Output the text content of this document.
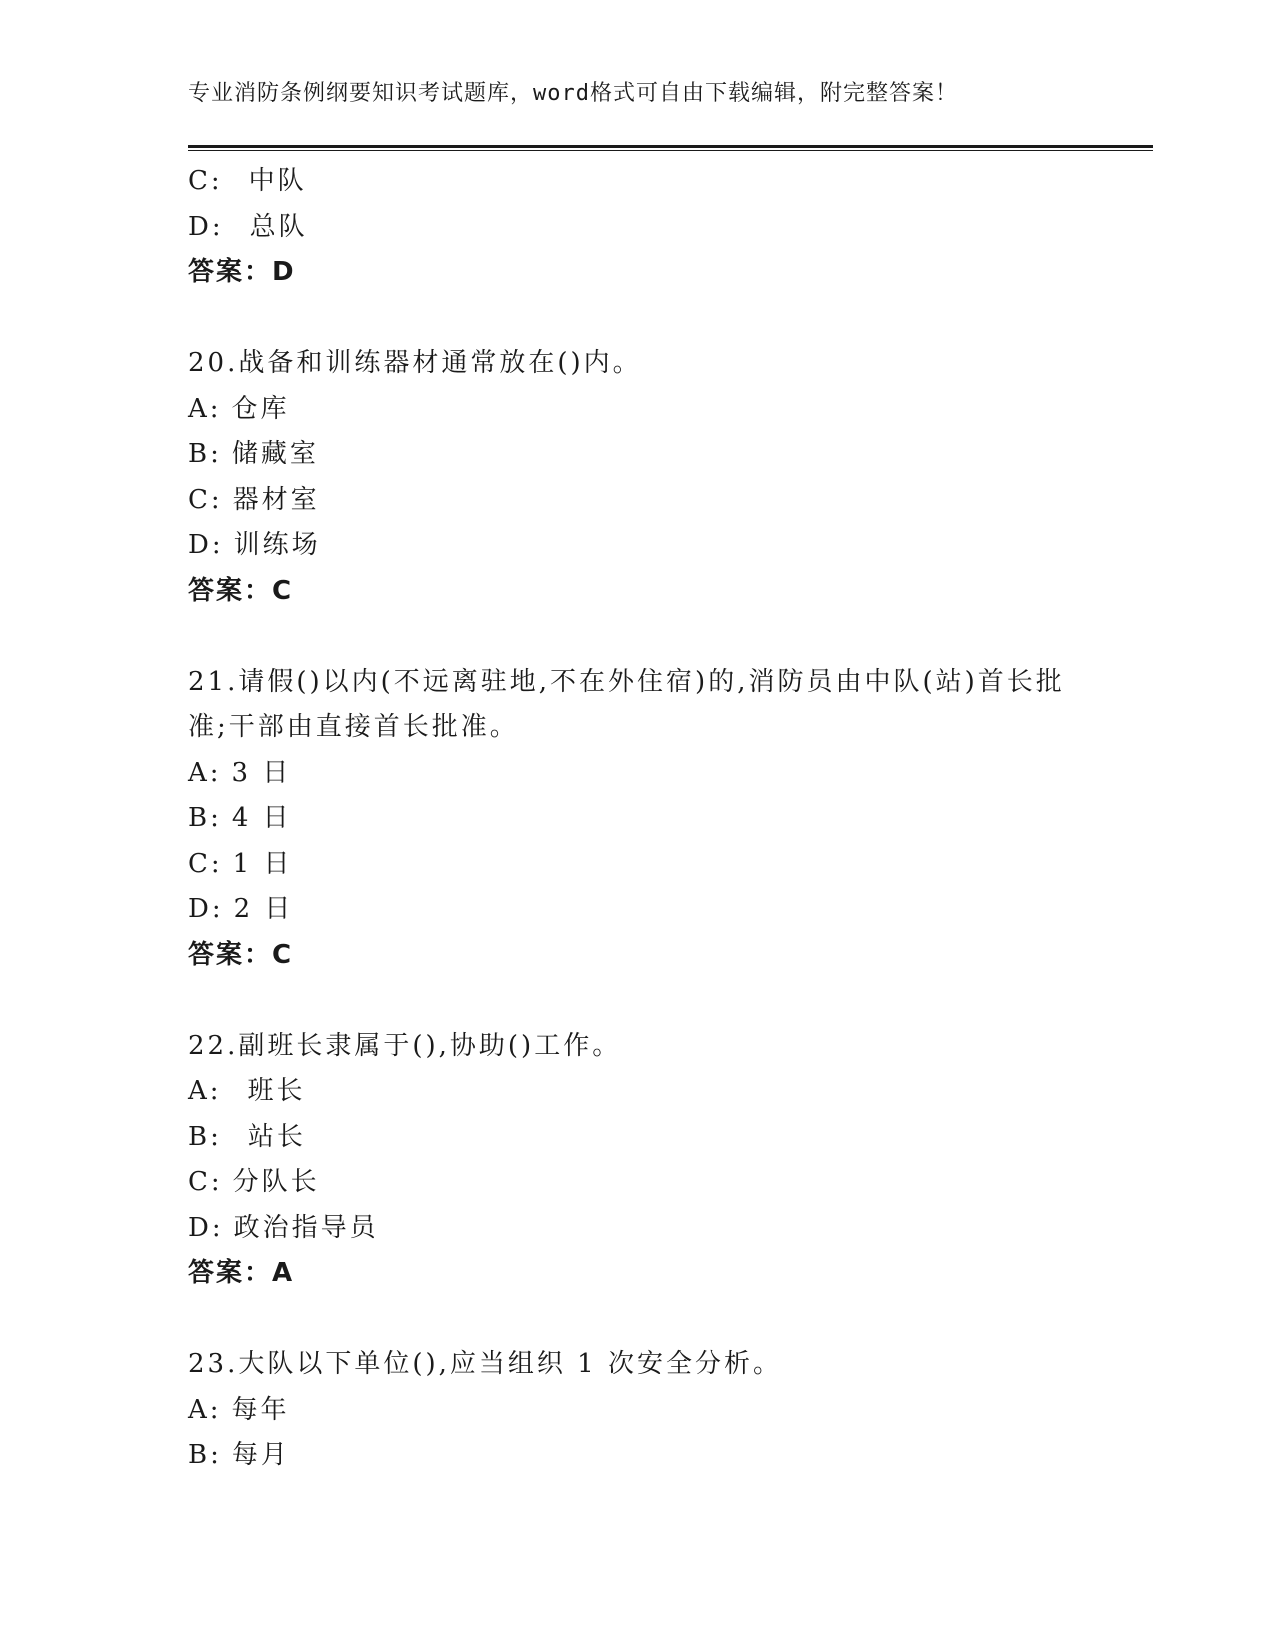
专业消防条例纲要知识考试题库，word格式可自由下载编辑，附完整答案！
C: 中队
D: 总队
答案：D
20.战备和训练器材通常放在()内。
A: 仓库
B: 储藏室
C: 器材室
D: 训练场
答案：C
21.请假()以内(不远离驻地,不在外住宿)的,消防员由中队(站)首长批
准;干部由直接首长批准。
A: 3 日
B: 4 日
C: 1 日
D: 2 日
答案：C
22.副班长隶属于(),协助()工作。
A: 班长
B: 站长
C: 分队长
D: 政治指导员
答案：A
23.大队以下单位(),应当组织 1 次安全分析。
A: 每年
B: 每月
